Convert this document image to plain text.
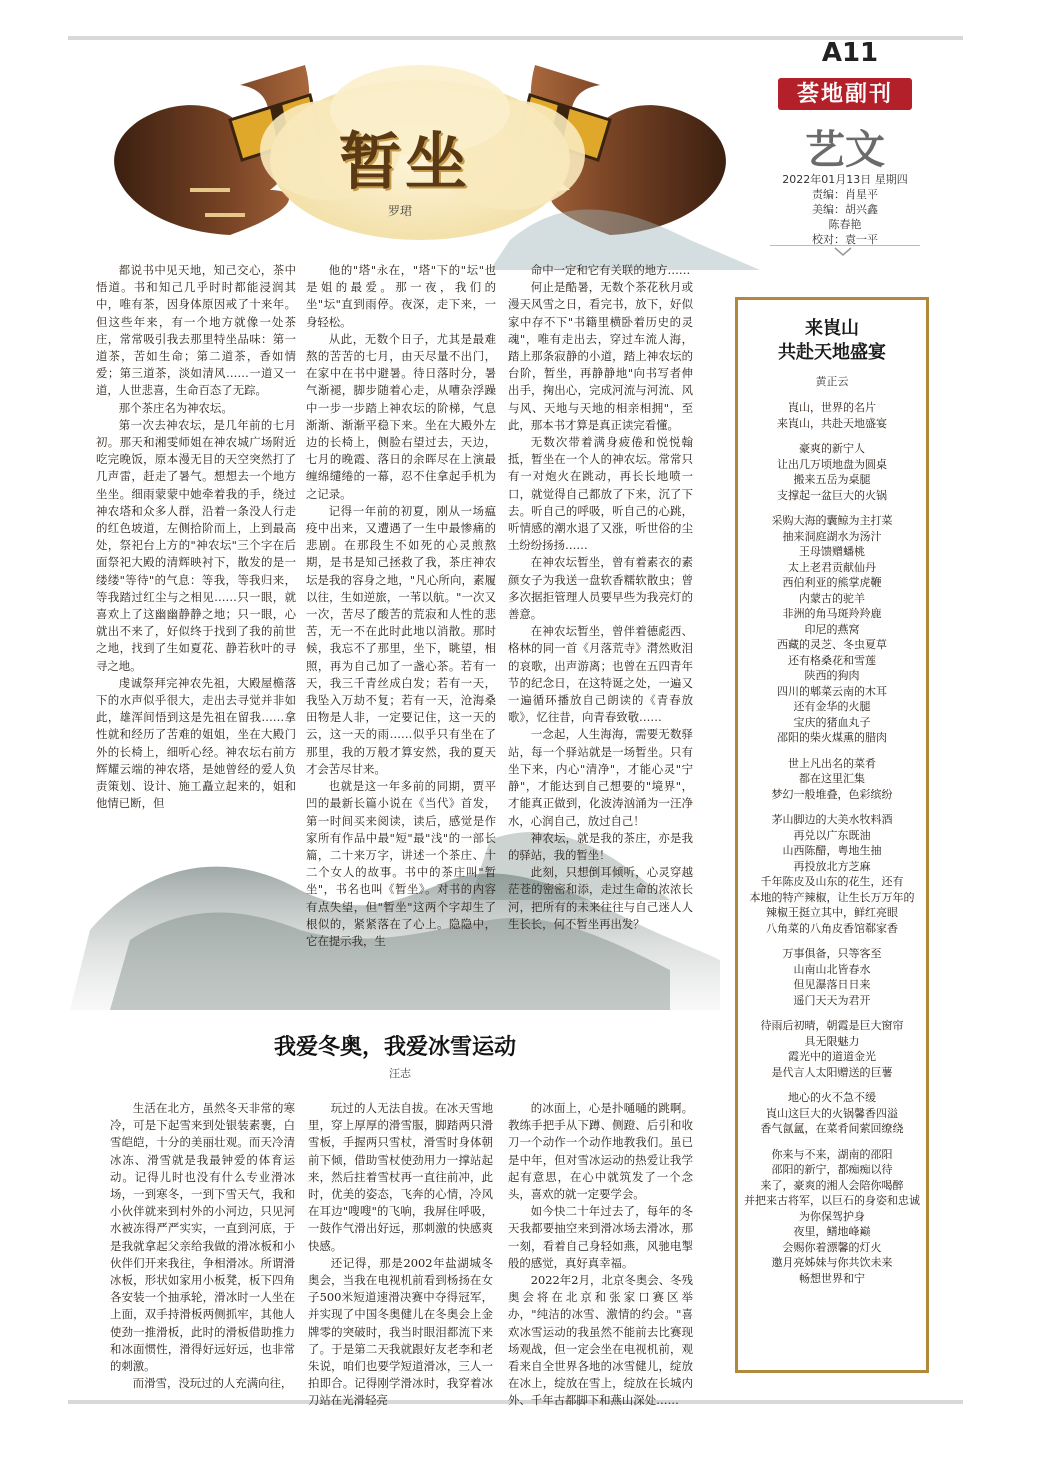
暂坐
罗珺
A11
荟地副刊
艺文
2022年01月13日 星期四
责编：肖星平
美编：胡兴鑫
陈春艳
校对：袁一平

都说书中见天地，知己交心，茶中悟道。书和知己几乎时时都能浸润其中，唯有茶，因身体原因戒了十来年。但这些年来，有一个地方就像一处茶庄，常常吸引我去那里特坐品味：第一道茶，苦如生命；第二道茶，香如情爱；第三道茶，淡如清风……一道又一道，人世悲喜，生命百态了无踪。

那个茶庄名为神农坛。

第一次去神农坛，是几年前的七月初。那天和湘雯师姐在神农城广场附近吃完晚饭，原本漫无目的天空突然打了几声雷，赶走了暑气。想想去一个地方坐坐。细雨蒙蒙中她牵着我的手，绕过神农塔和众多人群，沿着一条没人行走的红色坡道，左侧拾阶而上，上到最高处，祭祀台上方的"神农坛"三个字在后面祭祀大殿的清辉映衬下，散发的是一缕缕"等待"的气息：等我，等我归来，等我踏过红尘与之相见……只一眼，就喜欢上了这幽幽静静之地；只一眼，心就出不来了，好似终于找到了我的前世之地，找到了生如夏花、静若秋叶的寻寻之地。

虔诚祭拜完神农先祖，大殿屋檐落下的水声似乎很大，走出去寻觉并非如此，雄浑间悟到这是先祖在留我……拿性就和经历了苦难的姐姐，坐在大殿门外的长椅上，细听心经。神农坛右前方辉耀云端的神农塔，是她曾经的爱人负责策划、设计、施工矗立起来的，姐和他情已断，但

他的"塔"永在，"塔"下的"坛"也是姐的最爱。那一夜，我们的坐"坛"直到雨停。夜深，走下来，一身轻松。

从此，无数个日子，尤其是最难熬的苦苦的七月，由天尽量不出门，在家中在书中避暑。待日落时分，暑气渐褪，脚步随着心走，从嘈杂浮躁中一步一步踏上神农坛的阶梯，气息渐渐、渐渐平稳下来。坐在大殿外左边的长椅上，侧脸右望过去，天边，七月的晚霞、落日的余晖尽在上演最缠绵缱绻的一幕，忍不住拿起手机为之记录。

记得一年前的初夏，刚从一场瘟疫中出来，又遭遇了一生中最惨痛的悲剧。在那段生不如死的心灵煎熬期，是书是知己拯救了我，茶庄神农坛是我的容身之地，"凡心所向，素履以往，生如逆旅，一苇以航。"一次又一次，苦尽了酸苦的荒寂和人性的悲苦，无一不在此时此地以消散。那时候，我忘不了那里，坐下，眺望，相照，再为自己加了一盏心茶。若有一天，我三千青丝成白发；若有一天，我坠入万劫不复；若有一天，沧海桑田物是人非，一定要记住，这一天的云，这一天的雨……似乎只有坐在了那里，我的万般才算安然，我的夏天才会苦尽甘来。

也就是这一年多前的同期，贾平凹的最新长篇小说在《当代》首发，第一时间买来阅读，读后，感觉是作家所有作品中最"短"最"浅"的一部长篇，二十来万字，讲述一个茶庄、十二个女人的故事。书中的茶庄叫"暂坐"，书名也叫《暂坐》。对书的内容有点失望，但"暂坐"这两个字却生了根似的，紧紧落在了心上。隐隐中，它在提示我，生

命中一定和它有关联的地方……

何止是酷暑，无数个茶花秋月或漫天风雪之日，看完书，放下，好似家中存不下"书籍里横卧着历史的灵魂"，唯有走出去，穿过车流人海，踏上那条寂静的小道，踏上神农坛的台阶，暂坐，再静静地"向书写者伸出手，掬出心，完成河流与河流、风与风、天地与天地的相亲相拥"，至此，那本书才算是真正读完看懂。

无数次带着满身疲倦和悦悦翰抵，暂坐在一个人的神农坛。常常只有一对炮火在跳动，再长长地喷一口，就觉得自己都放了下来，沉了下去。听自己的呼吸，听自己的心跳，听情感的潮水退了又涨，听世俗的尘土纷纷扬扬……

在神农坛暂坐，曾有着素衣的素颜女子为我送一盘软香糯软散虫；曾多次据拒管理人员要早些为我亮灯的善意。

在神农坛暂坐，曾伴着德彪西、格林的同一首《月落荒寺》潸然败泪的哀歌，出声游离；也曾在五四青年节的纪念日，在这特诞之处，一遍又一遍循环播放自己朗读的《青春放歌》，忆往昔，向青春致敬……

一念起，人生海海，需要无数驿站，每一个驿站就是一场暂坐。只有坐下来，内心"清净"，才能心灵"宁静"，才能达到自己想要的"境界"，才能真正做到，化波涛汹涌为一汪净水，心润自己，放过自己！

神农坛，就是我的茶庄，亦是我的驿站，我的暂坐！

此刻，只想倒耳倾听，心灵穿越茫苍的密密和添，走过生命的浓浓长河，把所有的未来往往与自己迷人人生长长，何不暂坐再出发？

来崀山
共赴天地盛宴
黄正云
崀山，世界的名片
来崀山，共赴天地盛宴
豪爽的新宁人
让出几万顷地盘为圆桌
搬来五岳为桌腿
支撑起一盆巨大的火锅
采购大海的囊鲸为主打菜
抽来洞庭湖水为汤汁
王母馈赠蟠桃
太上老君贡献仙丹
西伯利亚的熊掌虎鞭
内蒙古的驼羊
非洲的角马斑羚羚鹿
印尼的燕窝
西藏的灵芝、冬虫夏草
还有格桑花和雪莲
陕西的狗肉
四川的郫菜云南的木耳
还有金华的火腿
宝庆的猪血丸子
邵阳的柴火煤熏的腊肉
世上凡出名的菜肴
都在这里汇集
梦幻一般堆叠，色彩缤纷
茅山脚边的大美水牧料酒
再兑以广东既油
山西陈醋，粤地生抽
再投放北方芝麻
千年陈皮及山东的花生，还有
本地的特产辣椒，让生长万万年的
辣椒王挺立其中，鲜红亮眼
八角菜的八角皮香馆郗家香
万事俱备，只等客至
山南山北皆春水
但见瀑落日日来
遥门天天为君开
待雨后初晴，朝霞是巨大窗帘
具无限魅力
霞光中的道道金光
是代言人太阳赠送的巨薯
地心的火不急不缓
崀山这巨大的火锅馨香四溢
香气氤氲，在菜肴间萦回缭绕
你来与不来，湖南的邵阳
邵阳的新宁，都痴痴以待
来了，豪爽的湘人会陪你喝醉
并把来古将军，以巨石的身姿和忠诚
为你保驾护身
夜里，鳝地峰巅
会赐你着漂馨的灯火
邀月亮姊妹与你共饮未来
畅想世界和宁
我爱冬奥，我爱冰雪运动
汪志

生活在北方，虽然冬天非常的寒冷，可是下起雪来到处银装素裹，白雪皑皑，十分的美丽壮观。而天冷清冰冻、滑雪就是我最钟爱的体育运动。记得儿时也没有什么专业滑冰场，一到寒冬，一到下雪天气，我和小伙伴就来到村外的小河边，只见河水被冻得严严实实，一直到河底，于是我就拿起父亲给我做的滑冰板和小伙伴们开来我往，争相滑冰。所谓滑冰板，形状如家用小板凳，板下四角各安装一个抽承轮，滑冰时一人坐在上面，双手持滑板两侧抓牢，其他人使劲一推滑板，此时的滑板借助推力和冰面惯性，滑得好远好远，也非常的刺激。

而滑雪，没玩过的人充满向往，

玩过的人无法自拔。在冰天雪地里，穿上厚厚的滑雪服，脚踏两只滑雪板，手握两只雪杖，滑雪时身体朝前下倾，借助雪杖使劲用力一撑站起来，然后拄着雪杖再一直往前冲，此时，优美的姿态，飞奔的心情，冷风在耳边"嗖嗖"的飞响，我屏住呼吸，一鼓作气滑出好远，那刺激的快感爽快感。

还记得，那是2002年盐湖城冬奥会，当我在电视机前看到杨扬在女子500米短道速滑决赛中夺得冠军，并实现了中国冬奥健儿在冬奥会上金牌零的突破时，我当时眼泪都流下来了。于是第二天我就跟好友老李和老朱说，咱们也要学短道滑冰，三人一拍即合。记得刚学滑冰时，我穿着冰刀站在光滑轻亮

的冰面上，心是扑嗵嗵的跳啊。教练手把手从下蹲、侧蹬、后引和收刀一个动作一个动作地教我们。虽已是中年，但对雪冰运动的热爱让我学起有意思，在心中就筑发了一个念头，喜欢的就一定要学会。

如今快二十年过去了，每年的冬天我都要抽空来到滑冰场去滑冰，那一刻，看着自己身轻如燕，风驰电掣般的感觉，真好真幸福。

2022年2月，北京冬奥会、冬残奥会将在北京和张家口赛区举办，"纯洁的冰雪、激情的约会。"喜欢冰雪运动的我虽然不能前去比赛现场观战，但一定会坐在电视机前，观看来自全世界各地的冰雪健儿，绽放在冰上，绽放在雪上，绽放在长城内外、千年古都脚下和燕山深处……
